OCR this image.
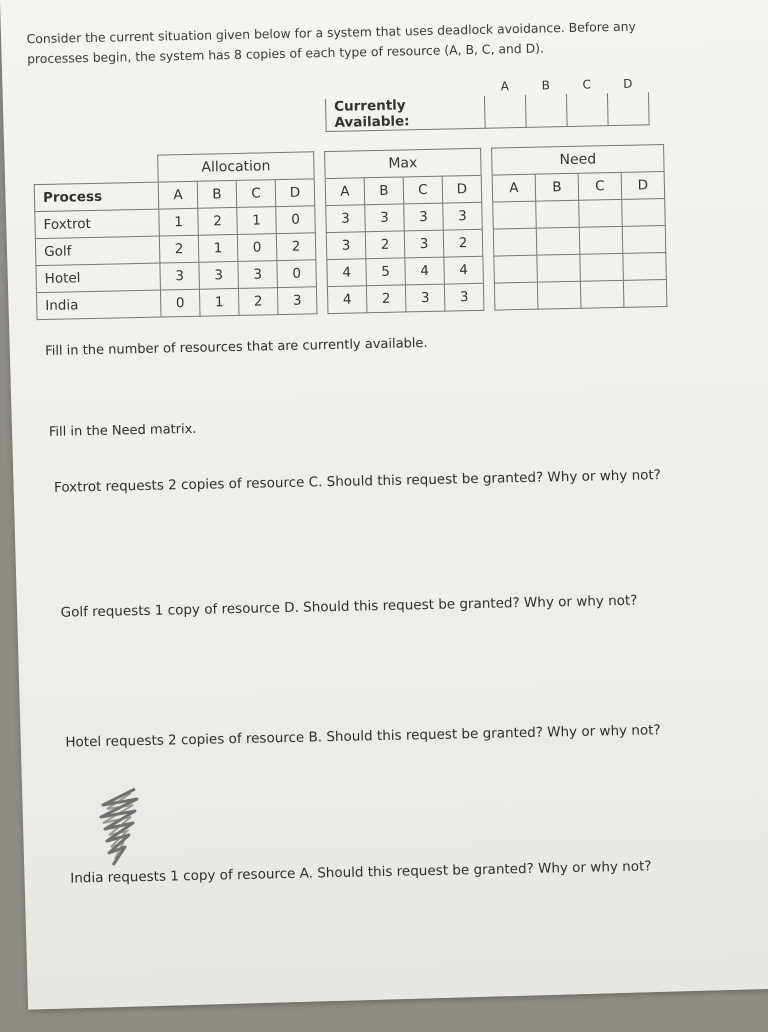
Consider the current situation given below for a system that uses deadlock avoidance. Before any processes begin, the system has 8 copies of each type of resource (A, B, C, and D).
	A	B	C	D
Currently Available:				
	Allocation					Max					Need			
Process	A	B	C	D		A	B	C	D		A	B	C	D
Foxtrot	1	2	1	0		3	3	3	3					
Golf	2	1	0	2		3	2	3	2					
Hotel	3	3	3	0		4	5	4	4					
India	0	1	2	3		4	2	3	3					
Fill in the number of resources that are currently available.
Fill in the Need matrix.
Foxtrot requests 2 copies of resource C. Should this request be granted? Why or why not?
Golf requests 1 copy of resource D. Should this request be granted? Why or why not?
Hotel requests 2 copies of resource B. Should this request be granted? Why or why not?
India requests 1 copy of resource A. Should this request be granted? Why or why not?
